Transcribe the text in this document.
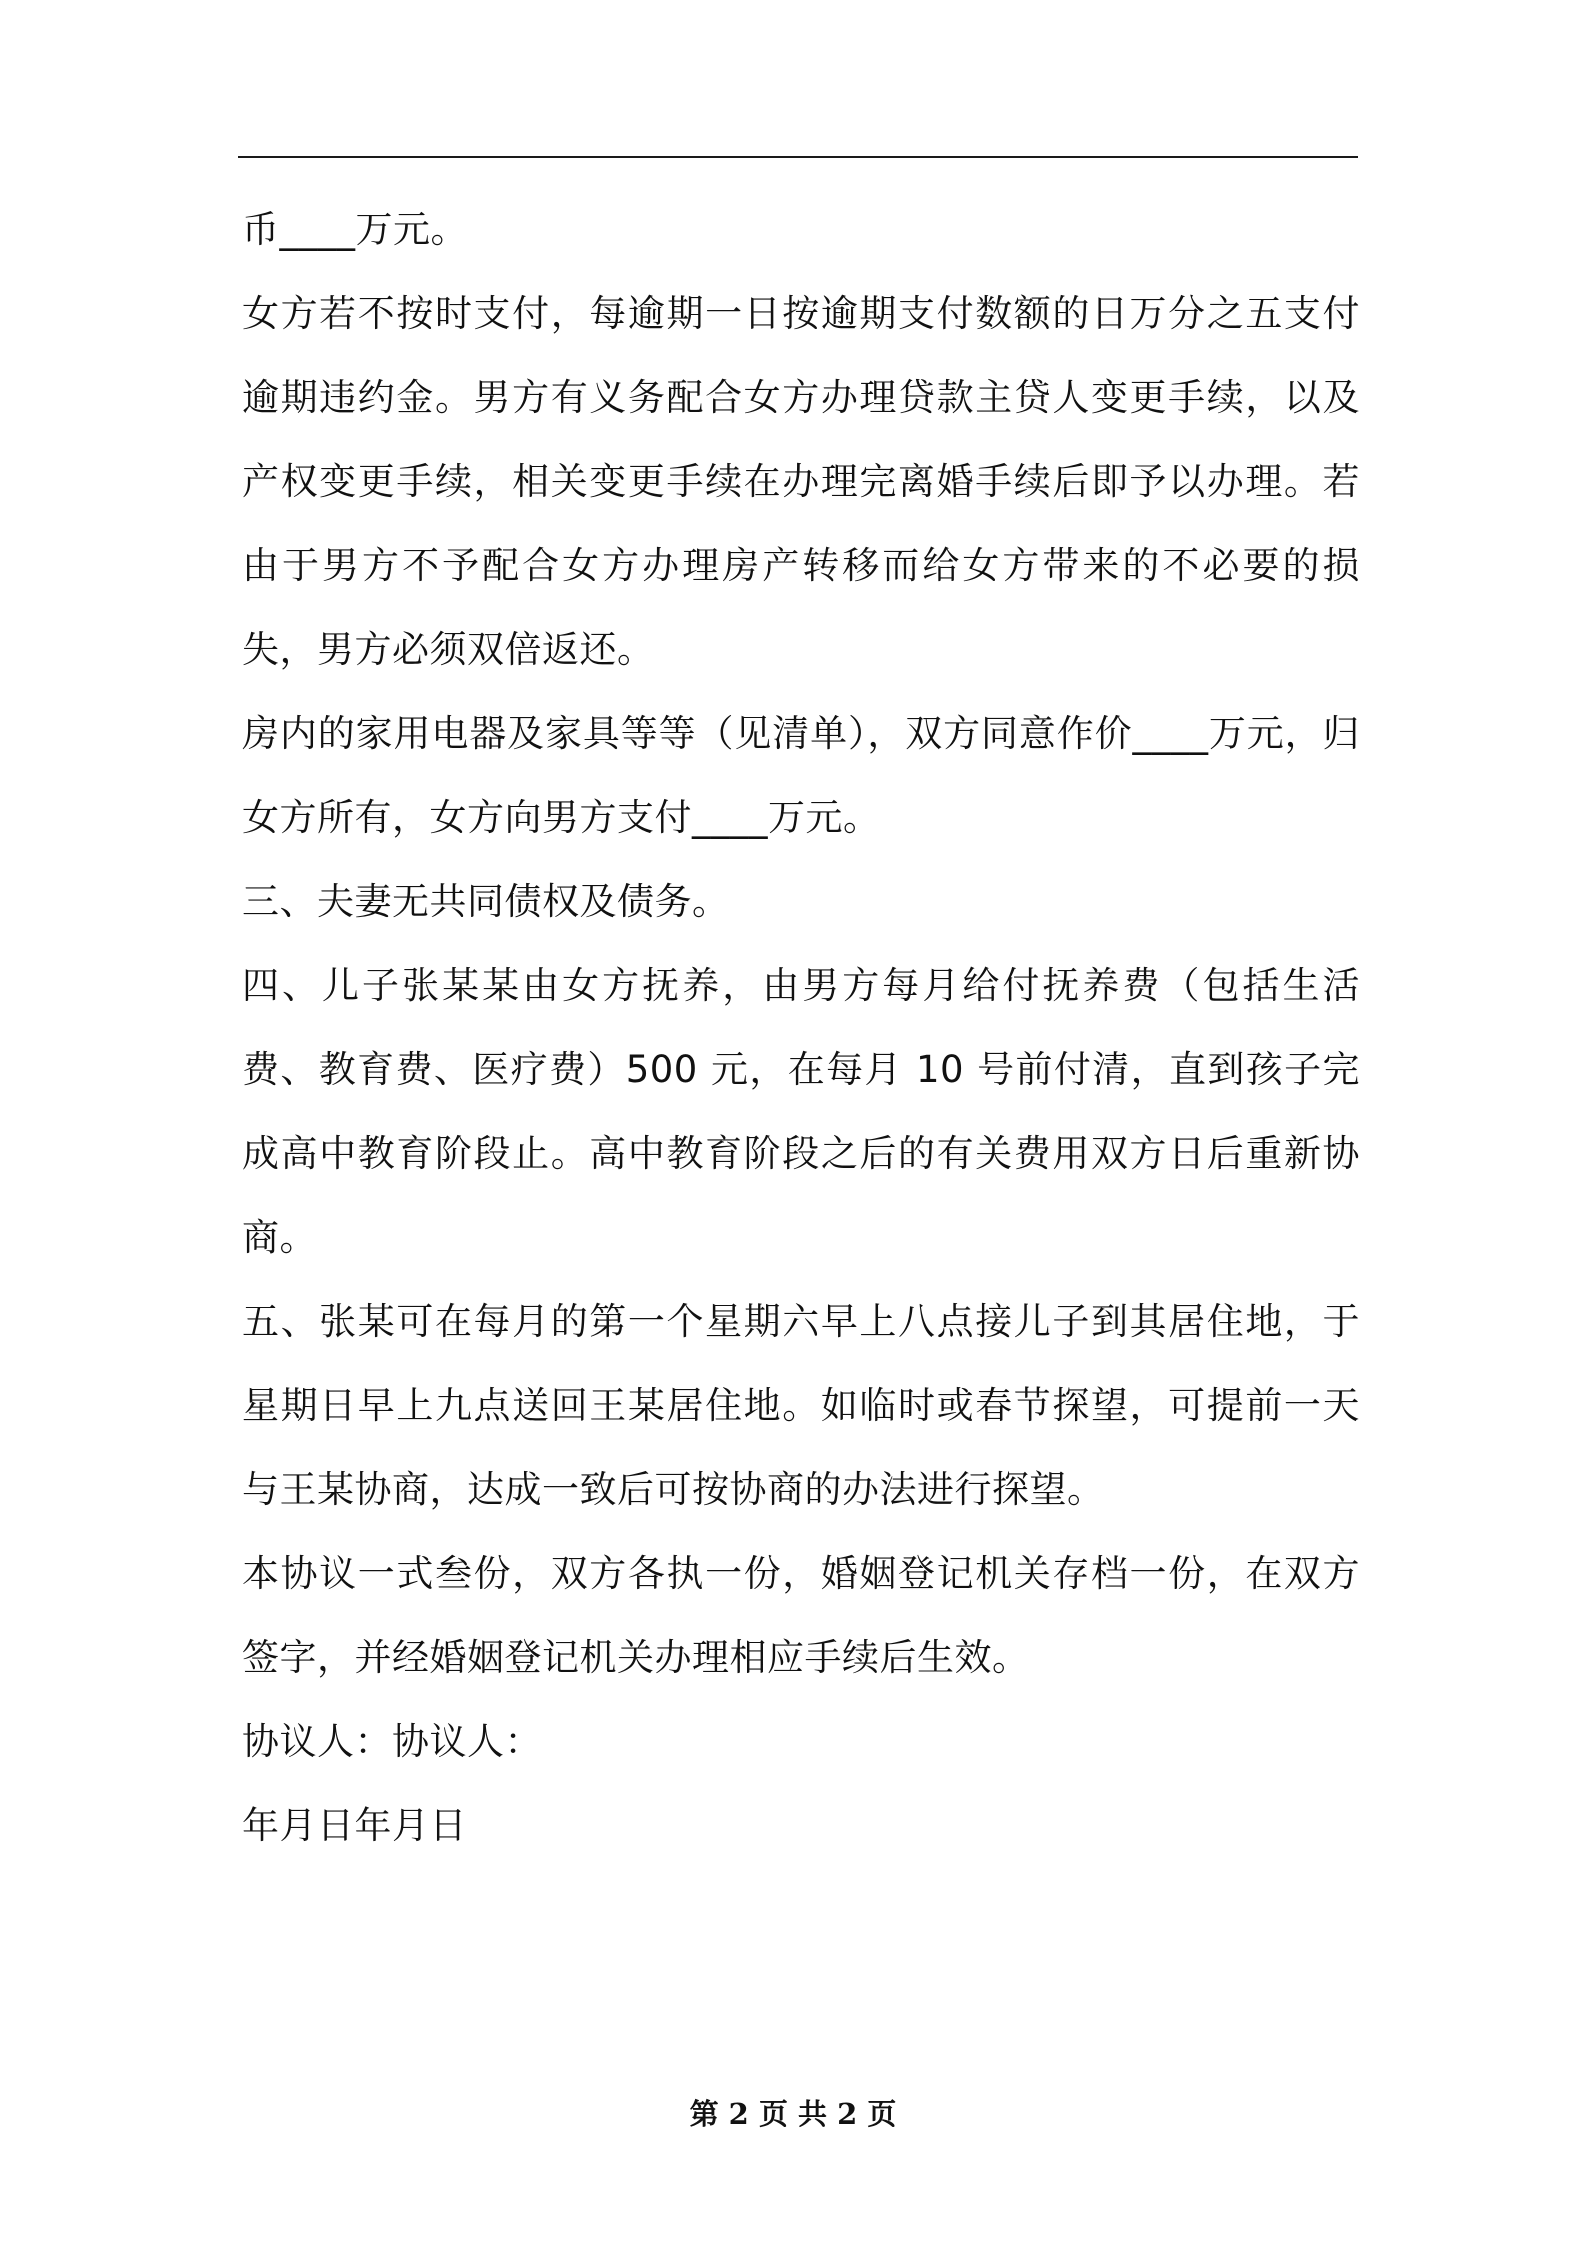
币____万元。

女方若不按时支付，每逾期一日按逾期支付数额的日万分之五支付逾期违约金。男方有义务配合女方办理贷款主贷人变更手续，以及产权变更手续，相关变更手续在办理完离婚手续后即予以办理。若由于男方不予配合女方办理房产转移而给女方带来的不必要的损失，男方必须双倍返还。

房内的家用电器及家具等等（见清单），双方同意作价____万元，归女方所有，女方向男方支付____万元。

三、夫妻无共同债权及债务。

四、儿子张某某由女方抚养，由男方每月给付抚养费（包括生活费、教育费、医疗费）500 元，在每月 10 号前付清，直到孩子完成高中教育阶段止。高中教育阶段之后的有关费用双方日后重新协商。

五、张某可在每月的第一个星期六早上八点接儿子到其居住地，于星期日早上九点送回王某居住地。如临时或春节探望，可提前一天与王某协商，达成一致后可按协商的办法进行探望。

本协议一式叁份，双方各执一份，婚姻登记机关存档一份，在双方签字，并经婚姻登记机关办理相应手续后生效。

协议人：协议人：

年月日年月日

第 2 页 共 2 页
